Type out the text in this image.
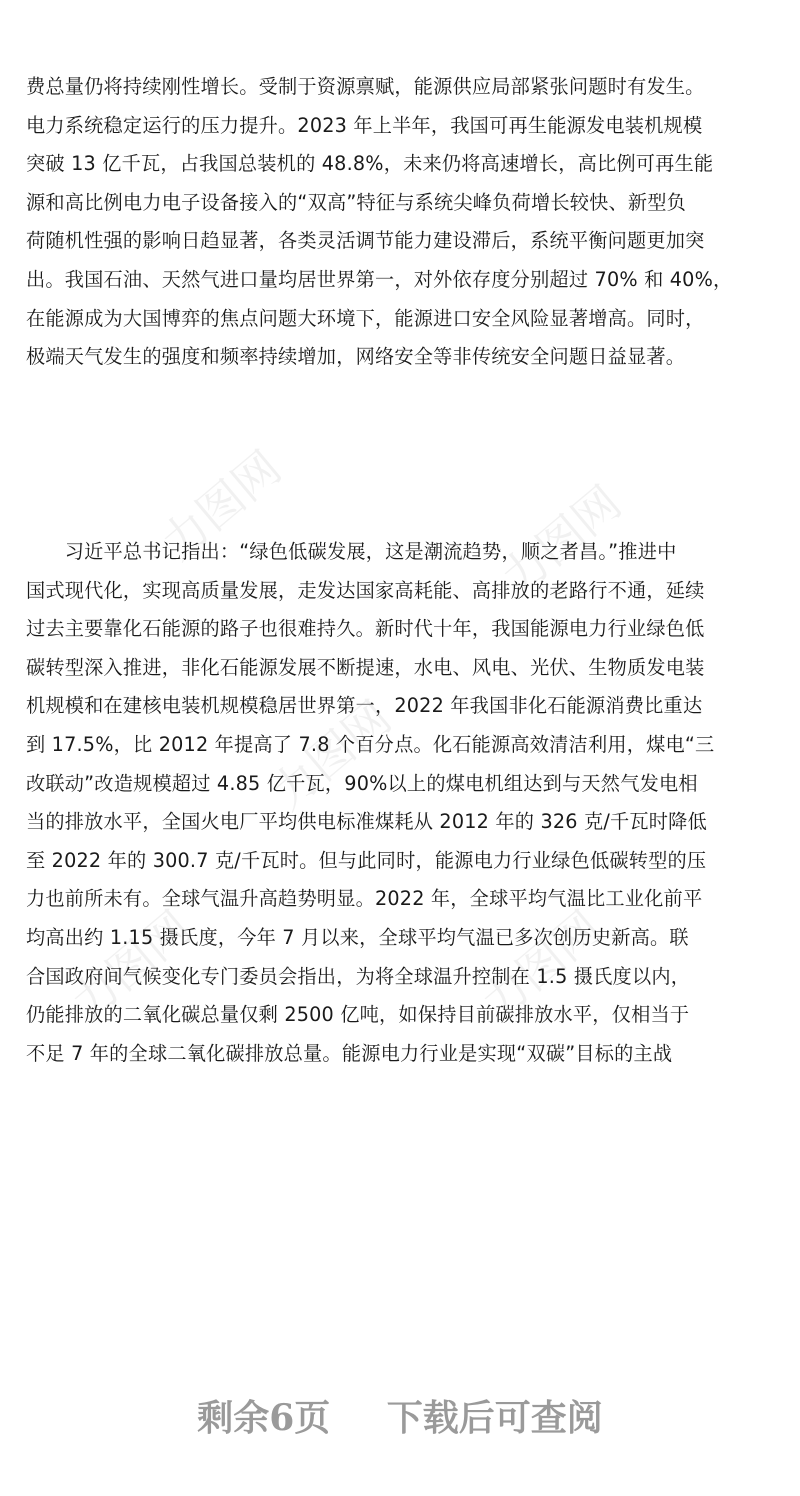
力图网	力图网
力图网
力图网	力图网
费总量仍将持续刚性增长。受制于资源禀赋，能源供应局部紧张问题时有发生。
电力系统稳定运行的压力提升。2023 年上半年，我国可再生能源发电装机规模
突破 13 亿千瓦，占我国总装机的 48.8%，未来仍将高速增长，高比例可再生能
源和高比例电力电子设备接入的“双高”特征与系统尖峰负荷增长较快、新型负
荷随机性强的影响日趋显著，各类灵活调节能力建设滞后，系统平衡问题更加突
出。我国石油、天然气进口量均居世界第一，对外依存度分别超过 70% 和 40%，
在能源成为大国博弈的焦点问题大环境下，能源进口安全风险显著增高。同时，
极端天气发生的强度和频率持续增加，网络安全等非传统安全问题日益显著。
　　习近平总书记指出：“绿色低碳发展，这是潮流趋势，顺之者昌。”推进中
国式现代化，实现高质量发展，走发达国家高耗能、高排放的老路行不通，延续
过去主要靠化石能源的路子也很难持久。新时代十年，我国能源电力行业绿色低
碳转型深入推进，非化石能源发展不断提速，水电、风电、光伏、生物质发电装
机规模和在建核电装机规模稳居世界第一，2022 年我国非化石能源消费比重达
到 17.5%，比 2012 年提高了 7.8 个百分点。化石能源高效清洁利用，煤电“三
改联动”改造规模超过 4.85 亿千瓦，90%以上的煤电机组达到与天然气发电相
当的排放水平，全国火电厂平均供电标准煤耗从 2012 年的 326 克/千瓦时降低
至 2022 年的 300.7 克/千瓦时。但与此同时，能源电力行业绿色低碳转型的压
力也前所未有。全球气温升高趋势明显。2022 年，全球平均气温比工业化前平
均高出约 1.15 摄氏度，今年 7 月以来，全球平均气温已多次创历史新高。联
合国政府间气候变化专门委员会指出，为将全球温升控制在 1.5 摄氏度以内，
仍能排放的二氧化碳总量仅剩 2500 亿吨，如保持目前碳排放水平，仅相当于
不足 7 年的全球二氧化碳排放总量。能源电力行业是实现“双碳”目标的主战
剩余6页 下载后可查阅
